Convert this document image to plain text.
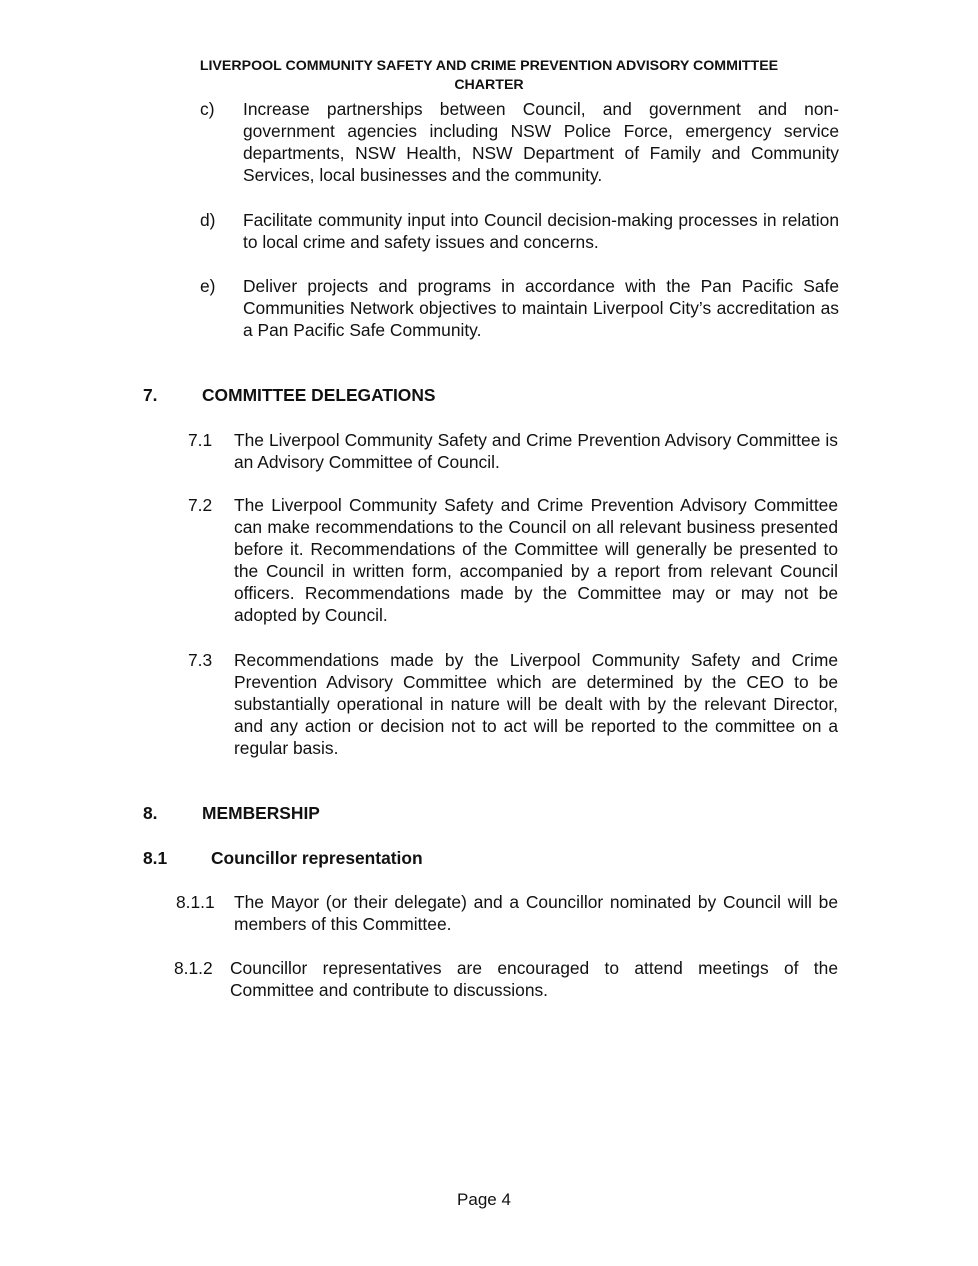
LIVERPOOL COMMUNITY SAFETY AND CRIME PREVENTION ADVISORY COMMITTEE
CHARTER
c) Increase partnerships between Council, and government and non-government agencies including NSW Police Force, emergency service departments, NSW Health, NSW Department of Family and Community Services, local businesses and the community.
d) Facilitate community input into Council decision-making processes in relation to local crime and safety issues and concerns.
e) Deliver projects and programs in accordance with the Pan Pacific Safe Communities Network objectives to maintain Liverpool City’s accreditation as a Pan Pacific Safe Community.
7.	COMMITTEE DELEGATIONS
7.1 The Liverpool Community Safety and Crime Prevention Advisory Committee is an Advisory Committee of Council.
7.2 The Liverpool Community Safety and Crime Prevention Advisory Committee can make recommendations to the Council on all relevant business presented before it. Recommendations of the Committee will generally be presented to the Council in written form, accompanied by a report from relevant Council officers. Recommendations made by the Committee may or may not be adopted by Council.
7.3 Recommendations made by the Liverpool Community Safety and Crime Prevention Advisory Committee which are determined by the CEO to be substantially operational in nature will be dealt with by the relevant Director, and any action or decision not to act will be reported to the committee on a regular basis.
8.	MEMBERSHIP
8.1	Councillor representation
8.1.1 The Mayor (or their delegate) and a Councillor nominated by Council will be members of this Committee.
8.1.2 Councillor representatives are encouraged to attend meetings of the Committee and contribute to discussions.
Page 4
